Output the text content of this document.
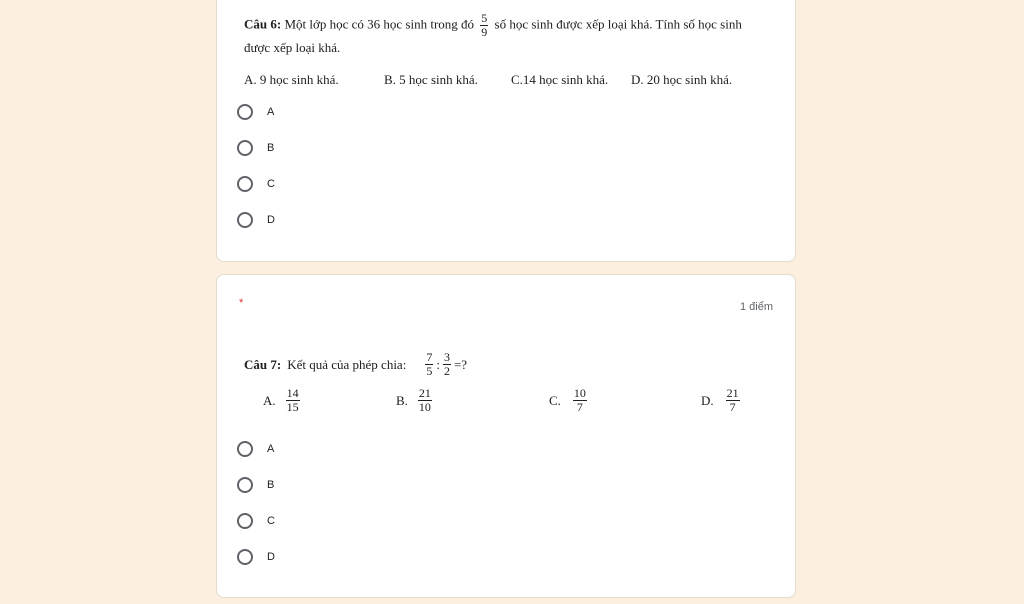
Câu 6: Một lớp học có 36 học sinh trong đó $\frac{5}{9}$ số học sinh được xếp loại khá. Tính số học sinh
được xếp loại khá.
A. 9 học sinh khá.	B. 5 học sinh khá.	C.14 học sinh khá. D. 20 học sinh khá.
A
B
C
D
*	1 điểm
Câu 7: Kết quả của phép chia: $\frac{7}{5}$ : $\frac{3}{2}$ =?
A. $\frac{14}{15}$	B. $\frac{21}{10}$	C. $\frac{10}{7}$	D. $\frac{21}{7}$
A
B
C
D
